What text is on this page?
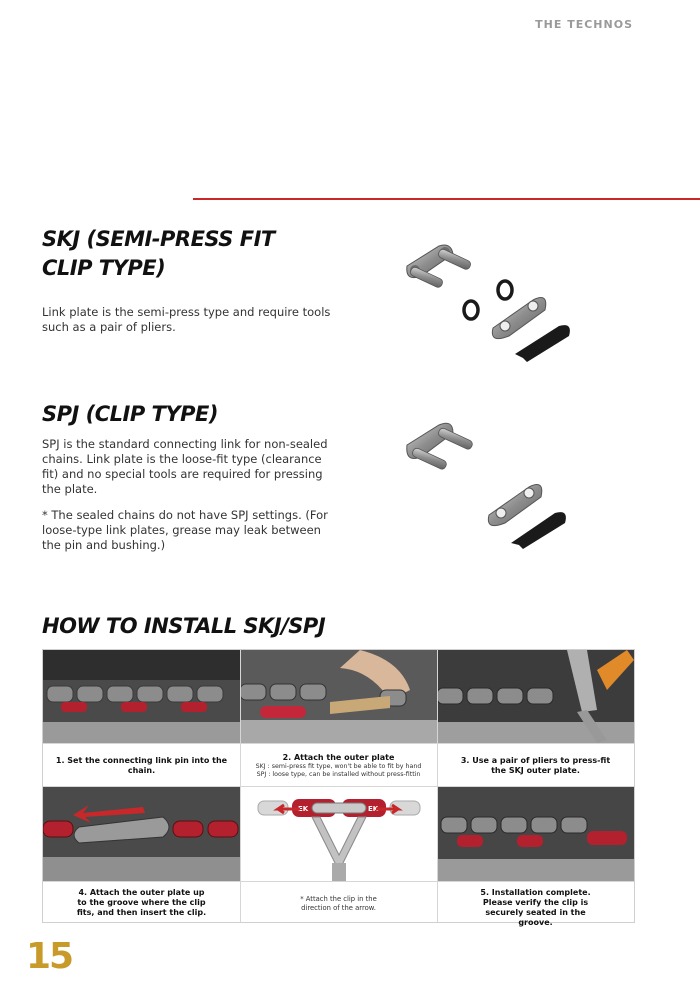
THE TECHNOS
SKJ (SEMI-PRESS FIT
CLIP TYPE)

Link plate is the semi-press type and require tools such as a pair of pliers.

SPJ (CLIP TYPE)

SPJ is the standard connecting link for non-sealed chains. Link plate is the loose-fit type (clearance fit) and no special tools are required for pressing the plate.

* The sealed chains do not have SPJ settings. (For loose-type link plates, grease may leak between the pin and bushing.)

HOW TO INSTALL SKJ/SPJ
1. Set the connecting link pin into the chain.
2. Attach the outer plate
SKJ : semi-press fit type, won't be able to fit by hand
SPJ : loose type, can be installed without press-fittin
3. Use a pair of pliers to press-fit the SKJ outer plate.
EK	EK
4. Attach the outer plate up to the groove where the clip fits, and then insert the clip.
* Attach the clip in the direction of the arrow.
5. Installation complete. Please verify the clip is securely seated in the groove.
15
